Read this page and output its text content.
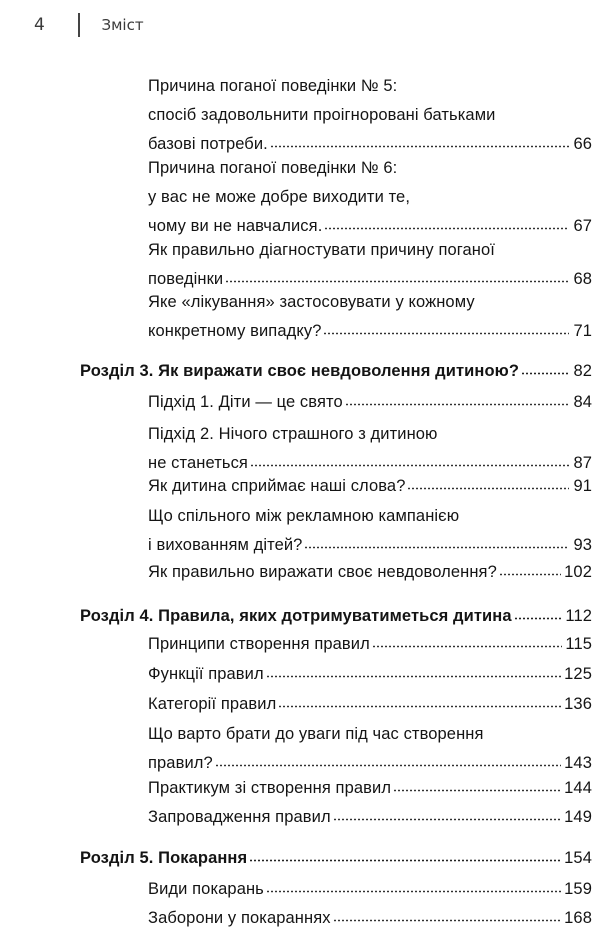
4	Зміст
Причина поганої поведінки № 5:
спосіб задовольнити проігноровані батьками
базові потреби.	66
Причина поганої поведінки № 6:
у вас не може добре виходити те,
чому ви не навчалися.	67
Як правильно діагностувати причину поганої
поведінки	68
Яке «лікування» застосовувати у кожному
конкретному випадку?	71
Розділ 3. Як виражати своє невдоволення дитиною?	82
Підхід 1. Діти — це свято	84
Підхід 2. Нічого страшного з дитиною
не станеться	87
Як дитина сприймає наші слова?	91
Що спільного між рекламною кампанією
і вихованням дітей?	93
Як правильно виражати своє невдоволення?	102
Розділ 4. Правила, яких дотримуватиметься дитина	112
Принципи створення правил	115
Функції правил	125
Категорії правил	136
Що варто брати до уваги під час створення
правил?	143
Практикум зі створення правил	144
Запровадження правил	149
Розділ 5. Покарання	154
Види покарань	159
Заборони у покараннях	168
